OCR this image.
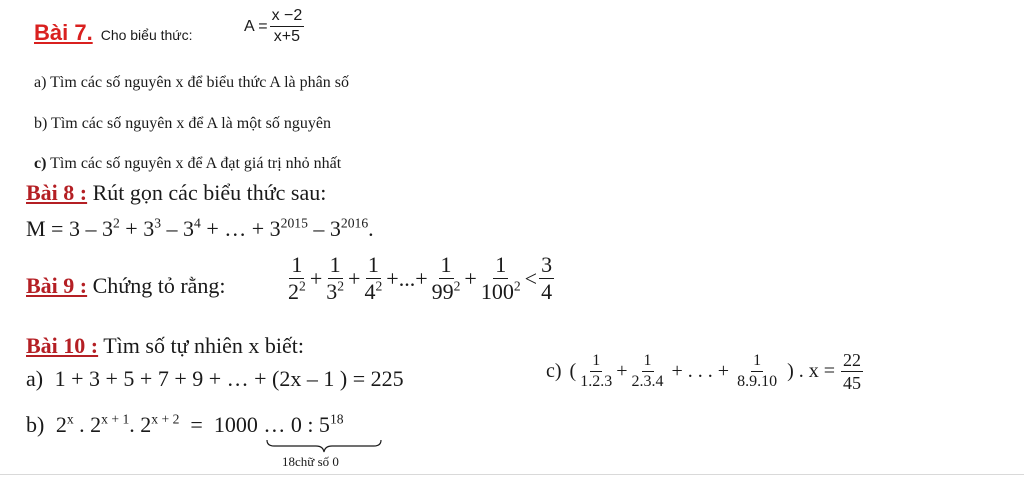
Bài 7. Cho biểu thức:
$A = \frac{x -2}{x+5}$
a) Tìm các số nguyên x để biểu thức A là phân số
b) Tìm các số nguyên x để A là một số nguyên
c) Tìm các số nguyên x để A đạt giá trị nhỏ nhất
Bài 8 : Rút gọn các biểu thức sau:
$M = 3 - 3^2 + 3^3 - 3^4$ + … + $3^{2015} - 3^{2016}$.
Bài 9 : Chứng tỏ rằng:	$\frac{1}{2^2} + \frac{1}{3^2} + \frac{1}{4^2}$ +...+ $\frac{1}{99^2} + \frac{1}{100^2} < \frac{3}{4}$
Bài 10 : Tìm số tự nhiên x biết:
a) 1 + 3 + 5 + 7 + 9 + … + (2x – 1 ) = 225	c) ( $\frac{1}{1.2.3} + \frac{1}{2.3.4}$ + . . . + $\frac{1}{8.9.10}$ ) . $x = \frac{22}{45}$
b) 2$^x$ . $2^{x + 1}$. $2^{x + 2} = 1000$ … 0 : $5^{18}$
18chữ số 0
